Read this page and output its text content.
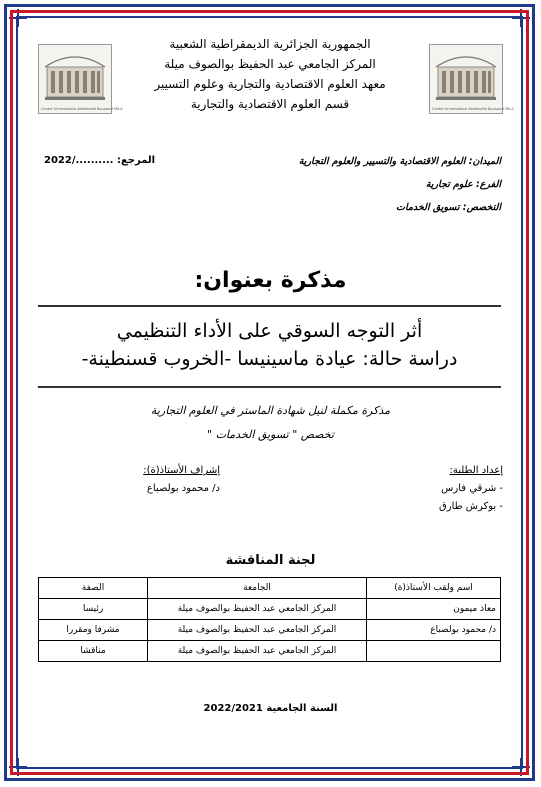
Centre Universitaire Abdelhafid Boussouf MILA	Centre Universitaire Abdelhafid Boussouf MILA
الجمهورية الجزائرية الديمقراطية الشعبية
المركز الجامعي عبد الحفيظ بوالصوف ميلة
معهد العلوم الاقتصادية والتجارية وعلوم التسيير
قسم العلوم الاقتصادية والتجارية
الميدان: العلوم الاقتصادية والتسيير والعلوم التجارية
الفرع: علوم تجارية
التخصص: تسويق الخدمات
المرجع: ........../2022
مذكرة بعنوان:
أثر التوجه السوقي على الأداء التنظيمي
دراسة حالة: عيادة ماسينيسا -الخروب قسنطينة-
مذكرة مكملة لنيل شهادة الماستر في العلوم التجارية
تخصص " تسويق الخدمات "
إعداد الطلبة:
- شرقي فارس
- بوكرش طارق
إشراف الأستاذ(ة):
د/ محمود بولصباع
لجنة المناقشة
اسم ولقب الأستاذ(ة)	الجامعة	الصفة
معاذ ميمون	المركز الجامعي عبد الحفيظ بوالصوف ميلة	رئيسا
د/ محمود بولصباع	المركز الجامعي عبد الحفيظ بوالصوف ميلة	مشرفا ومقررا
	المركز الجامعي عبد الحفيظ بوالصوف ميلة	مناقشا
السنة الجامعية 2022/2021
